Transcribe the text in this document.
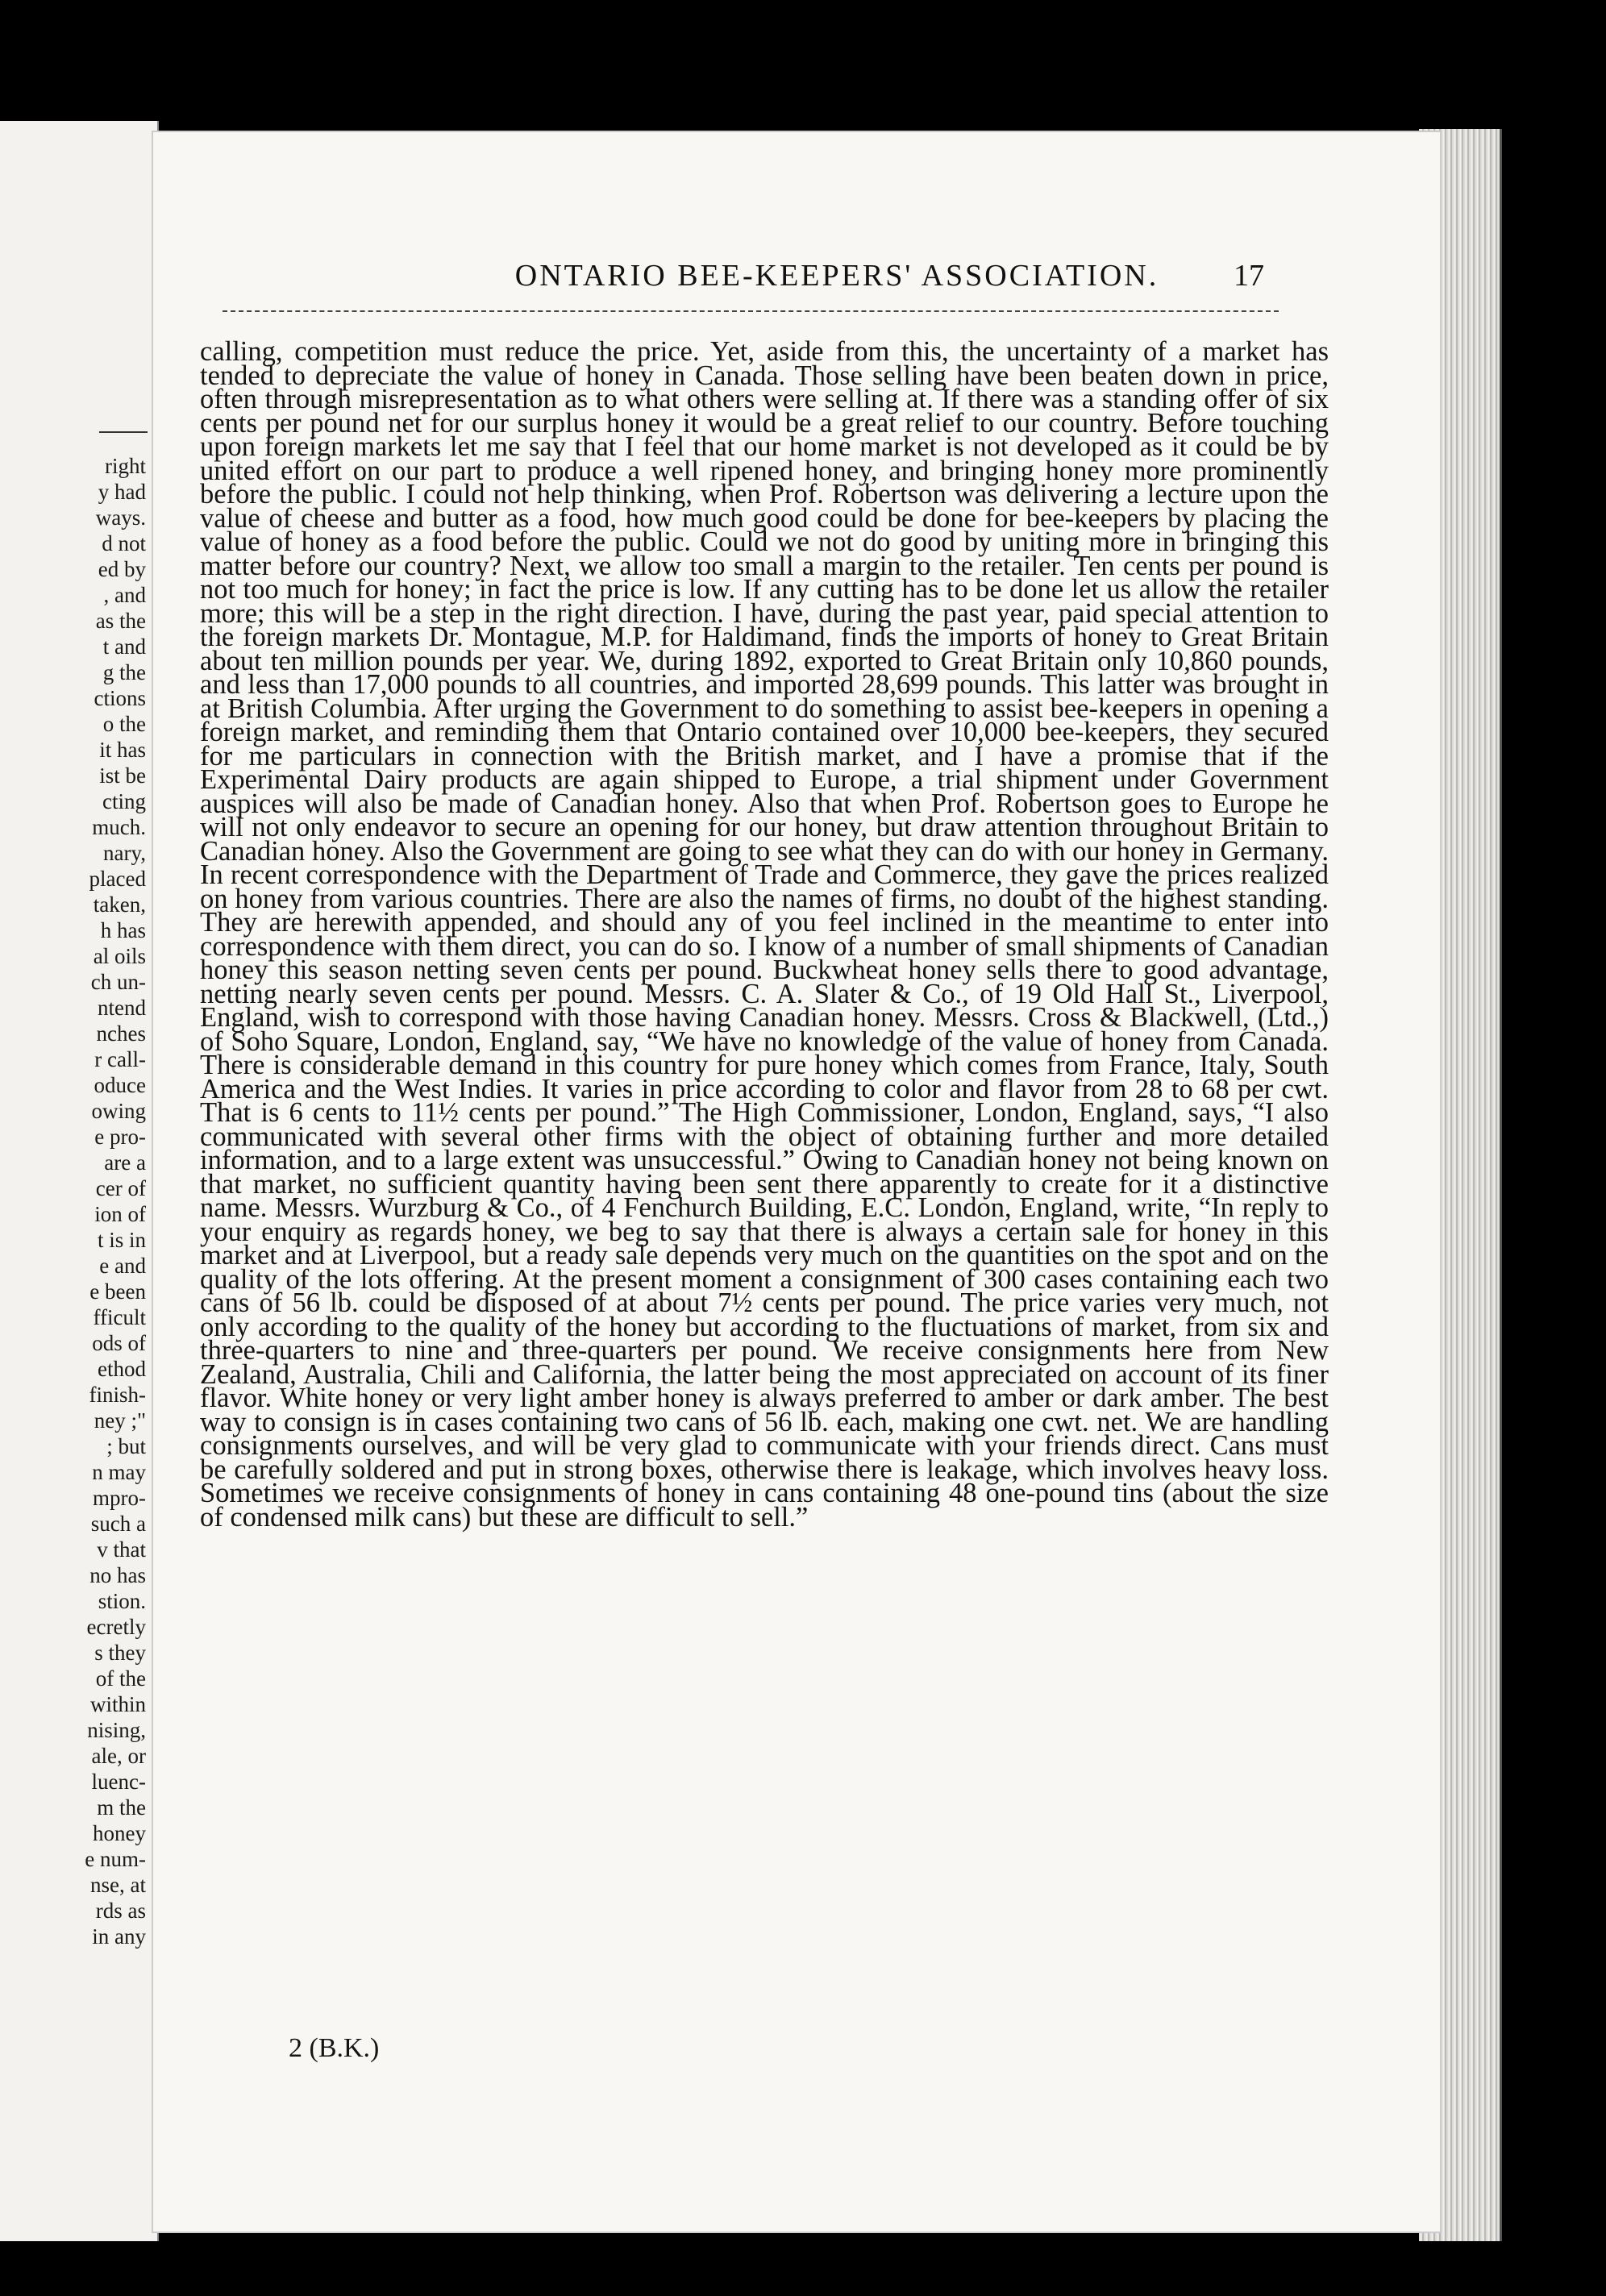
right
y had
ways.
d not
ed by
, and
as the
t and
g the
ctions
o the
it has
ist be
cting
much.
nary,
placed
taken,
h has
al oils
ch un-
ntend
nches
r call-
oduce
owing
e pro-
are a
cer of
ion of
t is in
e and
e been
fficult
ods of
ethod
finish-
ney ;"
; but
n may
mpro-
such a
v that
no has
stion.
ecretly
s they
of the
within
nising,
ale, or
luenc-
m the
honey
e num-
nse, at
rds as
in any
ONTARIO BEE-KEEPERS' ASSOCIATION.	17

calling, competition must reduce the price. Yet, aside from this, the uncertainty of a market has tended to depreciate the value of honey in Canada. Those selling have been beaten down in price, often through misrepresentation as to what others were selling at. If there was a standing offer of six cents per pound net for our surplus honey it would be a great relief to our country. Before touching upon foreign markets let me say that I feel that our home market is not developed as it could be by united effort on our part to produce a well ripened honey, and bringing honey more prominently before the public. I could not help thinking, when Prof. Robertson was delivering a lecture upon the value of cheese and butter as a food, how much good could be done for bee-keepers by placing the value of honey as a food before the public. Could we not do good by uniting more in bringing this matter before our country? Next, we allow too small a margin to the retailer. Ten cents per pound is not too much for honey; in fact the price is low. If any cutting has to be done let us allow the retailer more; this will be a step in the right direction. I have, during the past year, paid special attention to the foreign markets Dr. Montague, M.P. for Haldimand, finds the imports of honey to Great Britain about ten million pounds per year. We, during 1892, exported to Great Britain only 10,860 pounds, and less than 17,000 pounds to all countries, and imported 28,699 pounds. This latter was brought in at British Columbia. After urging the Government to do something to assist bee-keepers in opening a foreign market, and reminding them that Ontario contained over 10,000 bee-keepers, they secured for me particulars in connection with the British market, and I have a promise that if the Experimental Dairy products are again shipped to Europe, a trial shipment under Government auspices will also be made of Canadian honey. Also that when Prof. Robertson goes to Europe he will not only endeavor to secure an opening for our honey, but draw attention throughout Britain to Canadian honey. Also the Government are going to see what they can do with our honey in Germany. In recent correspondence with the Department of Trade and Commerce, they gave the prices realized on honey from various countries. There are also the names of firms, no doubt of the highest standing. They are herewith appended, and should any of you feel inclined in the meantime to enter into correspondence with them direct, you can do so. I know of a number of small shipments of Canadian honey this season netting seven cents per pound. Buckwheat honey sells there to good advantage, netting nearly seven cents per pound. Messrs. C. A. Slater & Co., of 19 Old Hall St., Liverpool, England, wish to correspond with those having Canadian honey. Messrs. Cross & Blackwell, (Ltd.,) of Soho Square, London, England, say, “We have no knowledge of the value of honey from Canada. There is considerable demand in this country for pure honey which comes from France, Italy, South America and the West Indies. It varies in price according to color and flavor from 28 to 68 per cwt. That is 6 cents to 11½ cents per pound.” The High Commissioner, London, England, says, “I also communicated with several other firms with the object of obtaining further and more detailed information, and to a large extent was unsuccessful.” Owing to Canadian honey not being known on that market, no sufficient quantity having been sent there apparently to create for it a distinctive name. Messrs. Wurzburg & Co., of 4 Fenchurch Building, E.C. London, England, write, “In reply to your enquiry as regards honey, we beg to say that there is always a certain sale for honey in this market and at Liverpool, but a ready sale depends very much on the quantities on the spot and on the quality of the lots offering. At the present moment a consignment of 300 cases containing each two cans of 56 lb. could be disposed of at about 7½ cents per pound. The price varies very much, not only according to the quality of the honey but according to the fluctuations of market, from six and three-quarters to nine and three-quarters per pound. We receive consignments here from New Zealand, Australia, Chili and California, the latter being the most appreciated on account of its finer flavor. White honey or very light amber honey is always preferred to amber or dark amber. The best way to consign is in cases containing two cans of 56 lb. each, making one cwt. net. We are handling consignments ourselves, and will be very glad to communicate with your friends direct. Cans must be carefully soldered and put in strong boxes, otherwise there is leakage, which involves heavy loss. Sometimes we receive consignments of honey in cans containing 48 one-pound tins (about the size of condensed milk cans) but these are difficult to sell.”

2 (B.K.)
